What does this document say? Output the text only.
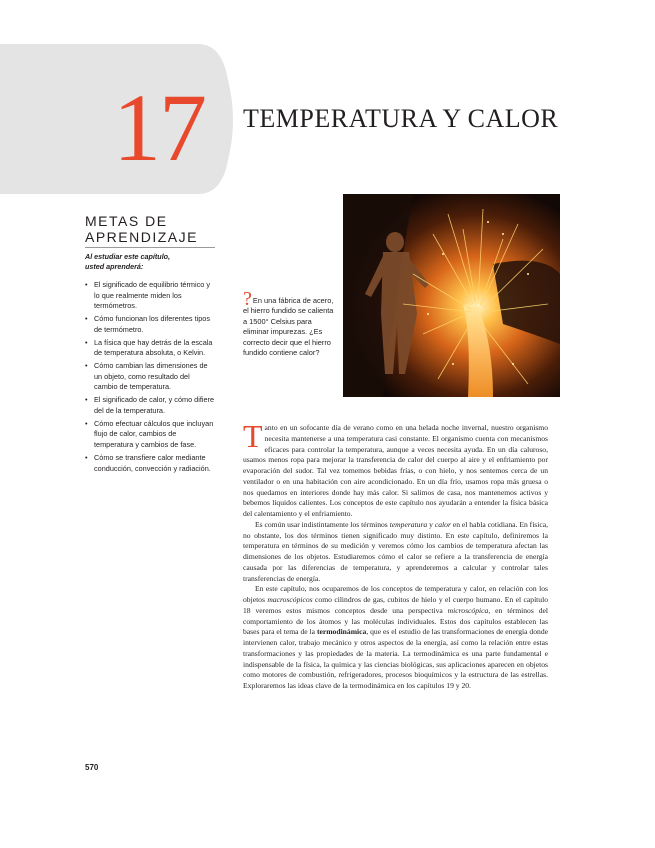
17 TEMPERATURA Y CALOR
METAS DE
APRENDIZAJE
Al estudiar este capítulo,
usted aprenderá:
• El significado de equilibrio térmico y lo que realmente miden los termómetros.
• Cómo funcionan los diferentes tipos de termómetro.
• La física que hay detrás de la escala de temperatura absoluta, o Kelvin.
• Cómo cambian las dimensiones de un objeto, como resultado del cambio de temperatura.
• El significado de calor, y cómo difiere del de la temperatura.
• Cómo efectuar cálculos que incluyan flujo de calor, cambios de temperatura y cambios de fase.
• Cómo se transfiere calor mediante conducción, convección y radiación.
?En una fábrica de acero, el hierro fundido se calienta a 1500° Celsius para eliminar impurezas. ¿Es correcto decir que el hierro fundido contiene calor?

Tanto en un sofocante día de verano como en una helada noche invernal, nuestro organismo necesita mantenerse a una temperatura casi constante. El organismo cuenta con mecanismos eficaces para controlar la temperatura, aunque a veces necesita ayuda. En un día caluroso, usamos menos ropa para mejorar la transferencia de calor del cuerpo al aire y el enfriamiento por evaporación del sudor. Tal vez tomemos bebidas frías, o con hielo, y nos sentemos cerca de un ventilador o en una habitación con aire acondicionado. En un día frío, usamos ropa más gruesa o nos quedamos en interiores donde hay más calor. Si salimos de casa, nos mantenemos activos y bebemos líquidos calientes. Los conceptos de este capítulo nos ayudarán a entender la física básica del calentamiento y el enfriamiento.

Es común usar indistintamente los términos temperatura y calor en el habla cotidiana. En física, no obstante, los dos términos tienen significado muy distinto. En este capítulo, definiremos la temperatura en términos de su medición y veremos cómo los cambios de temperatura afectan las dimensiones de los objetos. Estudiaremos cómo el calor se refiere a la transferencia de energía causada por las diferencias de temperatura, y aprenderemos a calcular y controlar tales transferencias de energía.

En este capítulo, nos ocuparemos de los conceptos de temperatura y calor, en relación con los objetos macroscópicos como cilindros de gas, cubitos de hielo y el cuerpo humano. En el capítulo 18 veremos estos mismos conceptos desde una perspectiva microscópica, en términos del comportamiento de los átomos y las moléculas individuales. Estos dos capítulos establecen las bases para el tema de la termodinámica, que es el estudio de las transformaciones de energía donde intervienen calor, trabajo mecánico y otros aspectos de la energía, así como la relación entre estas transformaciones y las propiedades de la materia. La termodinámica es una parte fundamental e indispensable de la física, la química y las ciencias biológicas, sus aplicaciones aparecen en objetos como motores de combustión, refrigeradores, procesos bioquímicos y la estructura de las estrellas. Exploraremos las ideas clave de la termodinámica en los capítulos 19 y 20.

570
